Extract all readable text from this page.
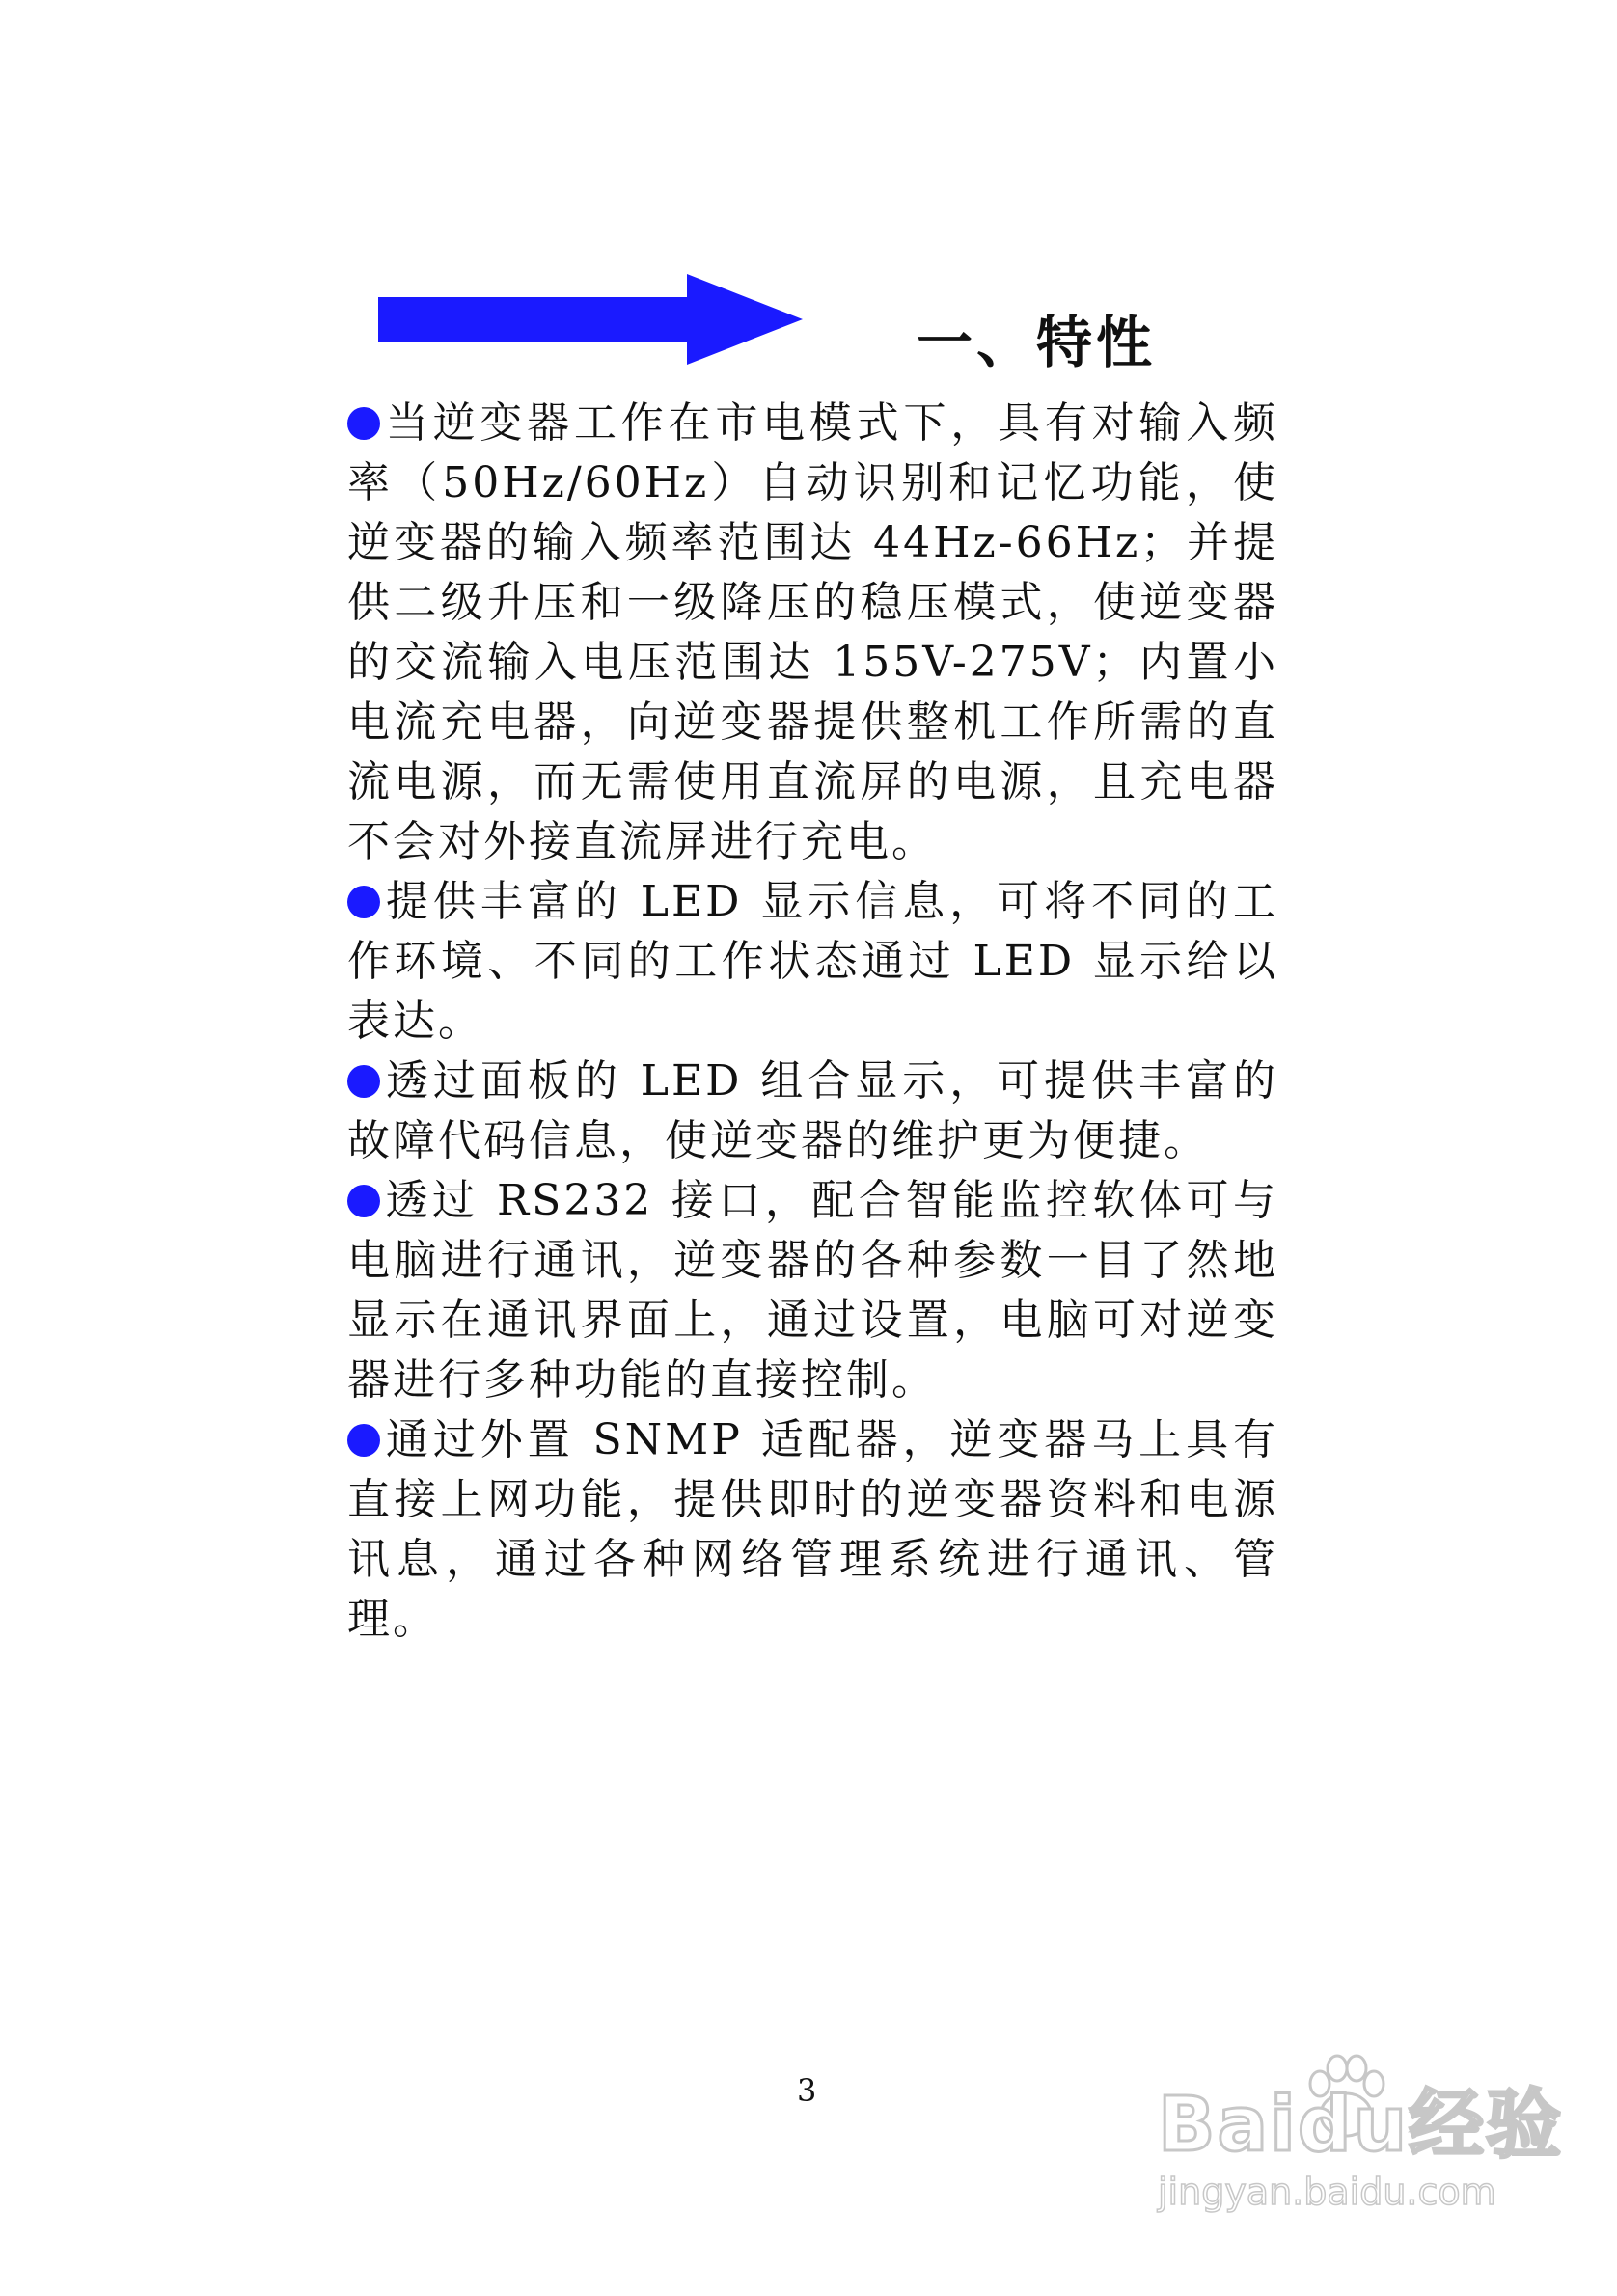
一、特性

当逆变器工作在市电模式下，具有对输入频率（50Hz/60Hz）自动识别和记忆功能，使逆变器的输入频率范围达 44Hz-66Hz；并提供二级升压和一级降压的稳压模式，使逆变器的交流输入电压范围达 155V-275V；内置小电流充电器，向逆变器提供整机工作所需的直流电源，而无需使用直流屏的电源，且充电器不会对外接直流屏进行充电。

提供丰富的 LED 显示信息，可将不同的工作环境、不同的工作状态通过 LED 显示给以表达。

透过面板的 LED 组合显示，可提供丰富的故障代码信息，使逆变器的维护更为便捷。

透过 RS232 接口，配合智能监控软体可与电脑进行通讯，逆变器的各种参数一目了然地显示在通讯界面上，通过设置，电脑可对逆变器进行多种功能的直接控制。

通过外置 SNMP 适配器，逆变器马上具有直接上网功能，提供即时的逆变器资料和电源讯息，通过各种网络管理系统进行通讯、管理。

3	Baidu经验
jingyan.baidu.com
